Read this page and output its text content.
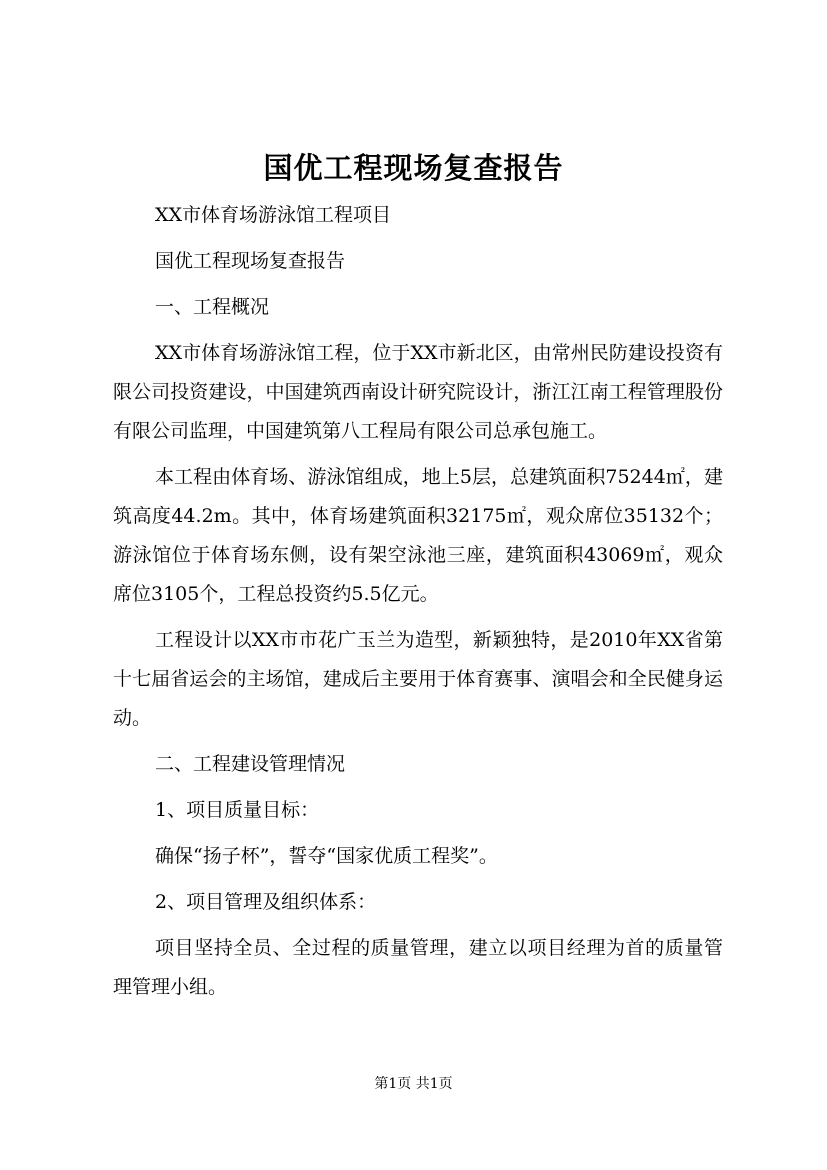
国优工程现场复查报告

XX市体育场游泳馆工程项目

国优工程现场复查报告

一、工程概况

XX市体育场游泳馆工程，位于XX市新北区，由常州民防建设投资有限公司投资建设，中国建筑西南设计研究院设计，浙江江南工程管理股份有限公司监理，中国建筑第八工程局有限公司总承包施工。

本工程由体育场、游泳馆组成，地上5层，总建筑面积75244㎡，建筑高度44.2m。其中，体育场建筑面积32175㎡，观众席位35132个；游泳馆位于体育场东侧，设有架空泳池三座，建筑面积43069㎡，观众席位3105个，工程总投资约5.5亿元。

工程设计以XX市市花广玉兰为造型，新颖独特，是2010年XX省第十七届省运会的主场馆，建成后主要用于体育赛事、演唱会和全民健身运动。

二、工程建设管理情况

1、项目质量目标：

确保“扬子杯”，誓夺“国家优质工程奖”。

2、项目管理及组织体系：

项目坚持全员、全过程的质量管理，建立以项目经理为首的质量管理管理小组。

第1页 共1页
